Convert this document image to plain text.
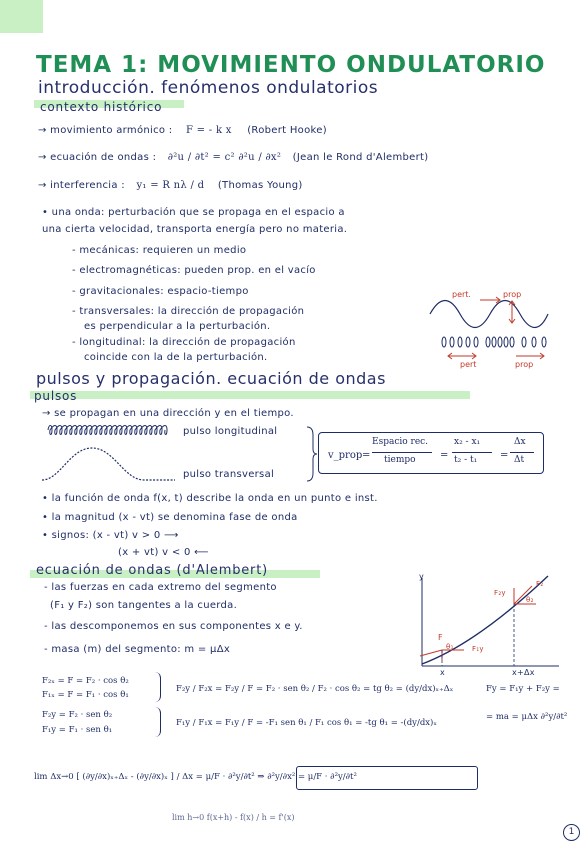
TEMA 1: MOVIMIENTO ONDULATORIO
introducción. fenómenos ondulatorios
contexto histórico
→ movimiento armónico : F = - k x (Robert Hooke)
→ ecuación de ondas : ∂²u / ∂t² = c² ∂²u / ∂x² (Jean le Rond d'Alembert)
→ interferencia : y₁ = R nλ / d (Thomas Young)
• una onda: perturbación que se propaga en el espacio a
una cierta velocidad, transporta energía pero no materia.
- mecánicas: requieren un medio
- electromagnéticas: pueden prop. en el vacío
- gravitacionales: espacio-tiempo
- transversales: la dirección de propagación
es perpendicular a la perturbación.
- longitudinal: la dirección de propagación
coincide con la de la perturbación.
pert.	prop
pert	prop
pulsos y propagación. ecuación de ondas
pulsos
→ se propagan en una dirección y en el tiempo.
pulso longitudinal
pulso transversal
v_prop =
Espacio rec.
tiempo =
x₂ - x₁
t₂ - t₁ =
Δx
Δt
• la función de onda f(x, t) describe la onda en un punto e inst.
• la magnitud (x - vt) se denomina fase de onda
• signos: (x - vt) v > 0 ⟶
(x + vt) v < 0 ⟵
ecuación de ondas (d'Alembert)
- las fuerzas en cada extremo del segmento
(F₁ y F₂) son tangentes a la cuerda.
- las descomponemos en sus componentes x e y.
- masa (m) del segmento: m = μΔx
y
F
θ₁	F₁y
F₂y
θ₂
F₂
x	x+Δx
F₂ₓ = F = F₂ · cos θ₂
F₁ₓ = F = F₁ · cos θ₁
F₂y = F₂ · sen θ₂
F₁y = F₁ · sen θ₁
F₂y / F₂x = F₂y / F = F₂ · sen θ₂ / F₂ · cos θ₂ = tg θ₂ = (dy/dx)ₓ₊Δₓ
F₁y / F₁x = F₁y / F = -F₁ sen θ₁ / F₁ cos θ₁ = -tg θ₁ = -(dy/dx)ₓ
Fy = F₁y + F₂y =
= ma = μΔx ∂²y/∂t²
lim Δx→0 [ (∂y/∂x)ₓ₊Δₓ - (∂y/∂x)ₓ ] / Δx = μ/F · ∂²y/∂t² ⇒ ∂²y/∂x² = μ/F · ∂²y/∂t²
lim h→0 f(x+h) - f(x) / h = f'(x)
1
